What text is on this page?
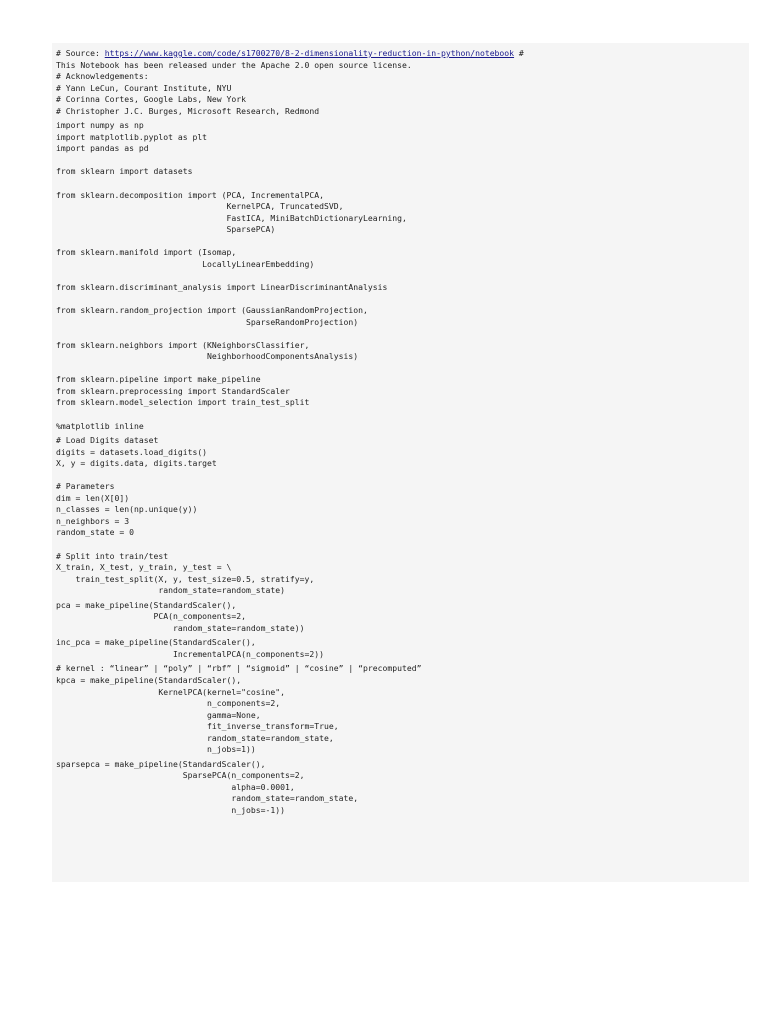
# Source: https://www.kaggle.com/code/s1700270/8-2-dimensionality-reduction-in-python/notebook #
This Notebook has been released under the Apache 2.0 open source license.
# Acknowledgements:
# Yann LeCun, Courant Institute, NYU
# Corinna Cortes, Google Labs, New York
# Christopher J.C. Burges, Microsoft Research, Redmond
import numpy as np
import matplotlib.pyplot as plt
import pandas as pd

from sklearn import datasets

from sklearn.decomposition import (PCA, IncrementalPCA,
KernelPCA, TruncatedSVD,
FastICA, MiniBatchDictionaryLearning,
SparsePCA)

from sklearn.manifold import (Isomap,
LocallyLinearEmbedding)

from sklearn.discriminant_analysis import LinearDiscriminantAnalysis

from sklearn.random_projection import (GaussianRandomProjection,
SparseRandomProjection)

from sklearn.neighbors import (KNeighborsClassifier,
NeighborhoodComponentsAnalysis)

from sklearn.pipeline import make_pipeline
from sklearn.preprocessing import StandardScaler
from sklearn.model_selection import train_test_split

%matplotlib inline
# Load Digits dataset
digits = datasets.load_digits()
X, y = digits.data, digits.target

# Parameters
dim = len(X[0])
n_classes = len(np.unique(y))
n_neighbors = 3
random_state = 0

# Split into train/test
X_train, X_test, y_train, y_test = \
train_test_split(X, y, test_size=0.5, stratify=y,
random_state=random_state)
pca = make_pipeline(StandardScaler(),
PCA(n_components=2,
random_state=random_state))
inc_pca = make_pipeline(StandardScaler(),
IncrementalPCA(n_components=2))
# kernel : “linear” | “poly” | “rbf” | “sigmoid” | “cosine” | “precomputed”
kpca = make_pipeline(StandardScaler(),
KernelPCA(kernel="cosine",
n_components=2,
gamma=None,
fit_inverse_transform=True,
random_state=random_state,
n_jobs=1))
sparsepca = make_pipeline(StandardScaler(),
SparsePCA(n_components=2,
alpha=0.0001,
random_state=random_state,
n_jobs=-1))
